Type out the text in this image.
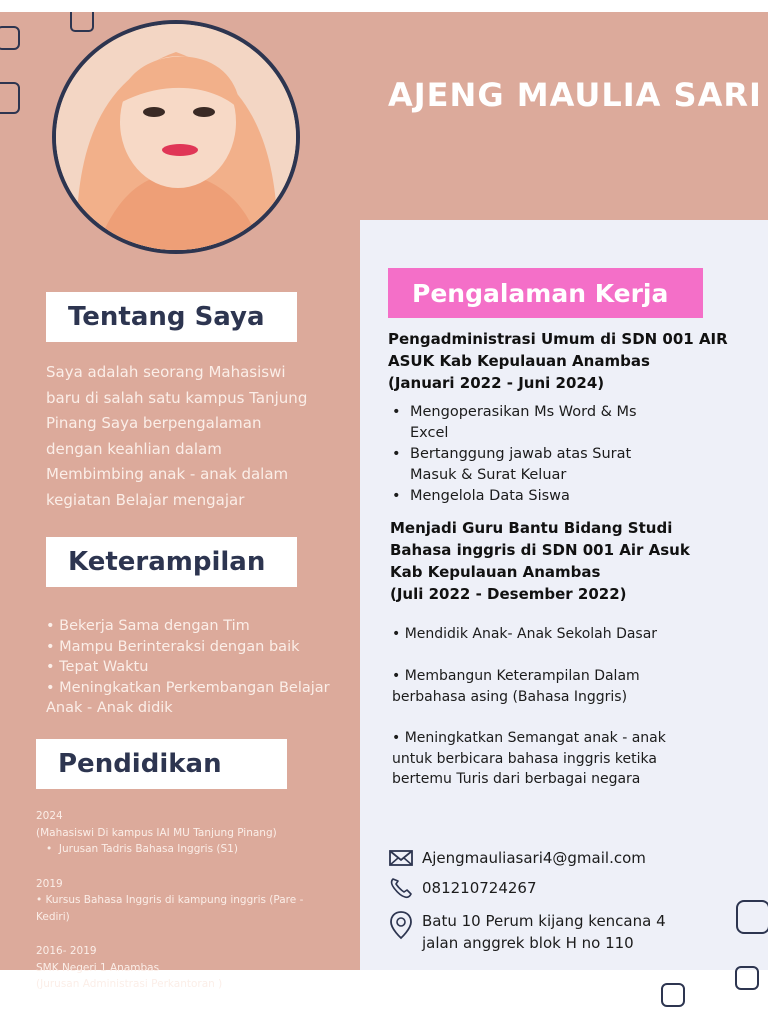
AJENG MAULIA SARI
Tentang Saya
Saya adalah seorang Mahasiswi
baru di salah satu kampus Tanjung
Pinang Saya berpengalaman
dengan keahlian dalam
Membimbing anak - anak dalam
kegiatan Belajar mengajar
Keterampilan
• Bekerja Sama dengan Tim
• Mampu Berinteraksi dengan baik
• Tepat Waktu
• Meningkatkan Perkembangan Belajar
Anak - Anak didik
Pendidikan
2024
(Mahasiswi Di kampus IAI MU Tanjung Pinang)
•  Jurusan Tadris Bahasa Inggris (S1)
2019
• Kursus Bahasa Inggris di kampung inggris (Pare -
Kediri)
2016- 2019
SMK Negeri 1 Anambas
(Jurusan Administrasi Perkantoran )
Pengalaman Kerja
Pengadministrasi Umum di SDN 001 AIR
ASUK Kab Kepulauan Anambas
(Januari 2022 - Juni 2024)
• Mengoperasikan Ms Word & Ms
Excel
• Bertanggung jawab atas Surat
Masuk & Surat Keluar
• Mengelola Data Siswa
Menjadi Guru Bantu Bidang Studi
Bahasa inggris di SDN 001 Air Asuk
Kab Kepulauan Anambas
(Juli 2022 - Desember 2022)
• Mendidik Anak- Anak Sekolah Dasar
• Membangun Keterampilan Dalam
berbahasa asing (Bahasa Inggris)
• Meningkatkan Semangat anak - anak
untuk berbicara bahasa inggris ketika
bertemu Turis dari berbagai negara
Ajengmauliasari4@gmail.com
081210724267
Batu 10 Perum kijang kencana 4
jalan anggrek blok H no 110
